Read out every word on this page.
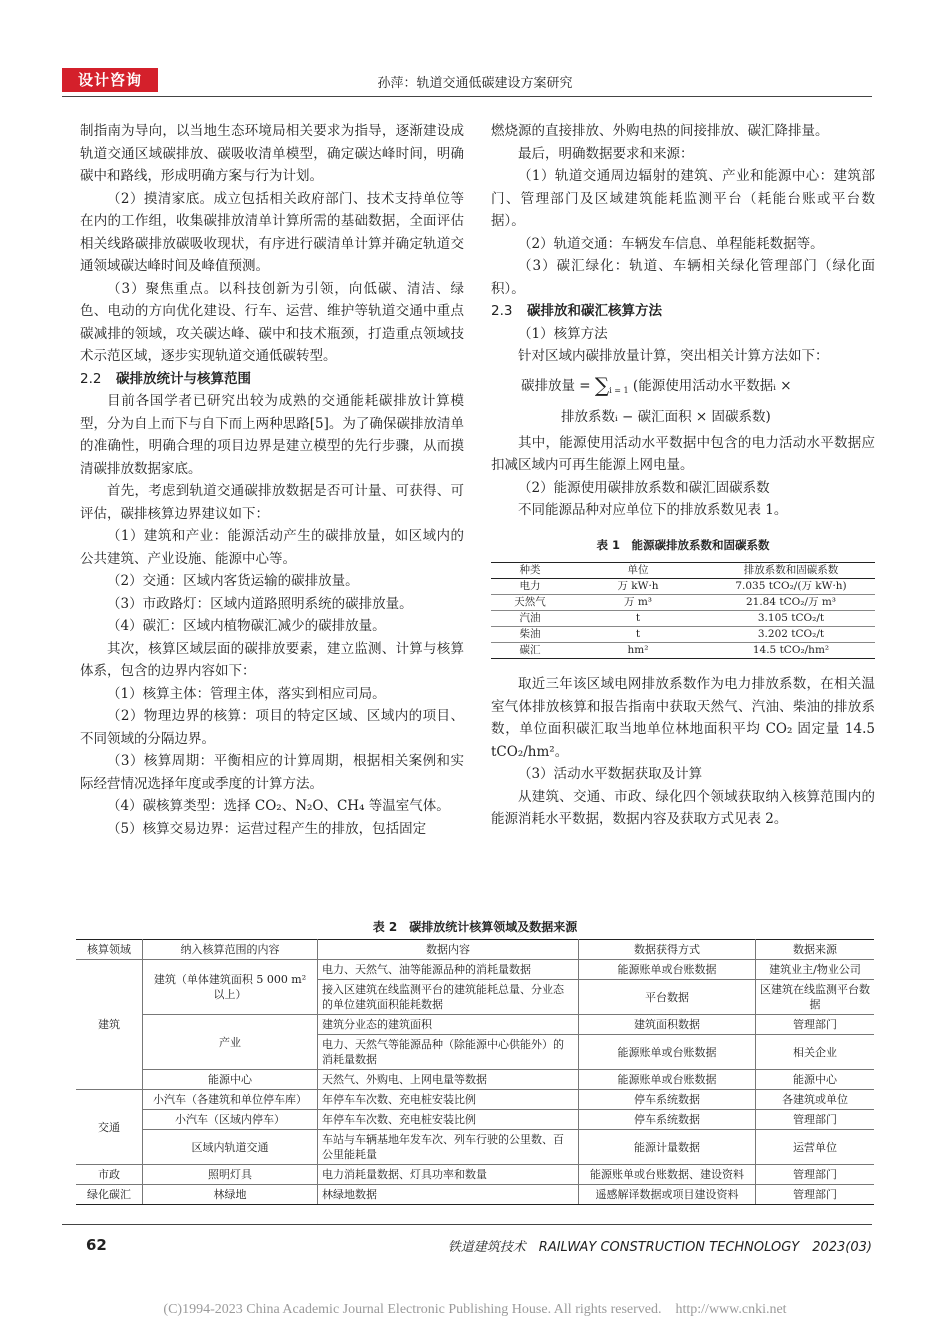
设计咨询	孙萍：轨道交通低碳建设方案研究

制指南为导向，以当地生态环境局相关要求为指导，逐渐建设成轨道交通区域碳排放、碳吸收清单模型，确定碳达峰时间，明确碳中和路线，形成明确方案与行为计划。

（2）摸清家底。成立包括相关政府部门、技术支持单位等在内的工作组，收集碳排放清单计算所需的基础数据，全面评估相关线路碳排放碳吸收现状，有序进行碳清单计算并确定轨道交通领域碳达峰时间及峰值预测。

（3）聚焦重点。以科技创新为引领，向低碳、清洁、绿色、电动的方向优化建设、行车、运营、维护等轨道交通中重点碳减排的领域，攻关碳达峰、碳中和技术瓶颈，打造重点领域技术示范区域，逐步实现轨道交通低碳转型。

2.2 碳排放统计与核算范围

目前各国学者已研究出较为成熟的交通能耗碳排放计算模型，分为自上而下与自下而上两种思路[5]。为了确保碳排放清单的准确性，明确合理的项目边界是建立模型的先行步骤，从而摸清碳排放数据家底。

首先，考虑到轨道交通碳排放数据是否可计量、可获得、可评估，碳排核算边界建议如下：

（1）建筑和产业：能源活动产生的碳排放量，如区域内的公共建筑、产业设施、能源中心等。

（2）交通：区域内客货运输的碳排放量。

（3）市政路灯：区域内道路照明系统的碳排放量。

（4）碳汇：区域内植物碳汇减少的碳排放量。

其次，核算区域层面的碳排放要素，建立监测、计算与核算体系，包含的边界内容如下：

（1）核算主体：管理主体，落实到相应司局。

（2）物理边界的核算：项目的特定区域、区域内的项目、不同领域的分隔边界。

（3）核算周期：平衡相应的计算周期，根据相关案例和实际经营情况选择年度或季度的计算方法。

（4）碳核算类型：选择 CO₂、N₂O、CH₄ 等温室气体。

（5）核算交易边界：运营过程产生的排放，包括固定

燃烧源的直接排放、外购电热的间接排放、碳汇降排量。

最后，明确数据要求和来源：

（1）轨道交通周边辐射的建筑、产业和能源中心：建筑部门、管理部门及区域建筑能耗监测平台（耗能台账或平台数据）。

（2）轨道交通：车辆发车信息、单程能耗数据等。

（3）碳汇绿化：轨道、车辆相关绿化管理部门（绿化面积）。

2.3 碳排放和碳汇核算方法

（1）核算方法

针对区域内碳排放量计算，突出相关计算方法如下：

碳排放量 = $\sum_{i = 1}$ (能源使用活动水平数据ᵢ ×
排放系数ᵢ − 碳汇面积 × 固碳系数)

其中，能源使用活动水平数据中包含的电力活动水平数据应扣减区域内可再生能源上网电量。

（2）能源使用碳排放系数和碳汇固碳系数

不同能源品种对应单位下的排放系数见表 1。

表 1　能源碳排放系数和固碳系数
种类	单位	排放系数和固碳系数
电力	万 kW·h	7.035 tCO₂/(万 kW·h)
天然气	万 m³	21.84 tCO₂/万 m³
汽油	t	3.105 tCO₂/t
柴油	t	3.202 tCO₂/t
碳汇	hm²	14.5 tCO₂/hm²

取近三年该区域电网排放系数作为电力排放系数，在相关温室气体排放核算和报告指南中获取天然气、汽油、柴油的排放系数，单位面积碳汇取当地单位林地面积平均 CO₂ 固定量 14.5 tCO₂/hm²。

（3）活动水平数据获取及计算

从建筑、交通、市政、绿化四个领域获取纳入核算范围内的能源消耗水平数据，数据内容及获取方式见表 2。

表 2　碳排放统计核算领域及数据来源
核算领域	纳入核算范围的内容	数据内容	数据获得方式	数据来源
建筑	建筑（单体建筑面积 5 000 m² 以上）	电力、天然气、油等能源品种的消耗量数据	能源账单或台账数据	建筑业主/物业公司
		接入区建筑在线监测平台的建筑能耗总量、分业态的单位建筑面积能耗数据	平台数据	区建筑在线监测平台数据
	产业	建筑分业态的建筑面积	建筑面积数据	管理部门
		电力、天然气等能源品种（除能源中心供能外）的消耗量数据	能源账单或台账数据	相关企业
	能源中心	天然气、外购电、上网电量等数据	能源账单或台账数据	能源中心
交通	小汽车（各建筑和单位停车库）	年停车车次数、充电桩安装比例	停车系统数据	各建筑或单位
	小汽车（区域内停车）	年停车车次数、充电桩安装比例	停车系统数据	管理部门
	区域内轨道交通	车站与车辆基地年发车次、列车行驶的公里数、百公里能耗量	能源计量数据	运营单位
市政	照明灯具	电力消耗量数据、灯具功率和数量	能源账单或台账数据、建设资料	管理部门
绿化碳汇	林绿地	林绿地数据	遥感解译数据或项目建设资料	管理部门
62	铁道建筑技术　RAILWAY CONSTRUCTION TECHNOLOGY　2023(03)
(C)1994-2023 China Academic Journal Electronic Publishing House. All rights reserved.　http://www.cnki.net
